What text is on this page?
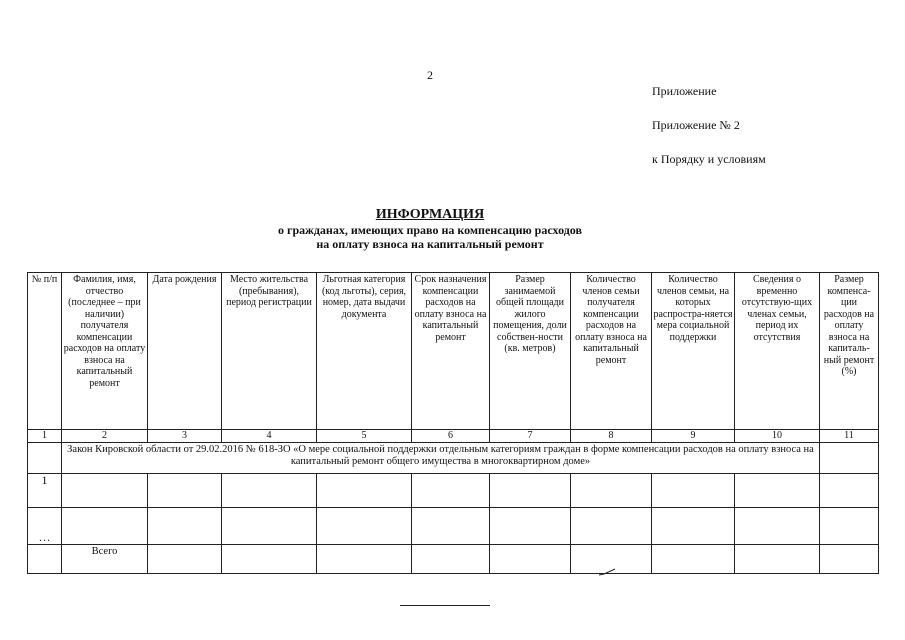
2
Приложение
Приложение № 2
к Порядку и условиям
ИНФОРМАЦИЯ
о гражданах, имеющих право на компенсацию расходов
на оплату взноса на капитальный ремонт
№ п/п	Фамилия, имя, отчество (последнее – при наличии) получателя компенсации расходов на оплату взноса на капитальный ремонт	Дата рождения	Место жительства (пребывания), период регистрации	Льготная категория (код льготы), серия, номер, дата выдачи документа	Срок назначения компенсации расходов на оплату взноса на капитальный ремонт	Размер занимаемой общей площади жилого помещения, доли собствен-ности (кв. метров)	Количество членов семьи получателя компенсации расходов на оплату взноса на капитальный ремонт	Количество членов семьи, на которых распростра-няется мера социальной поддержки	Сведения о временно отсутствую-щих членах семьи, период их отсутствия	Размер компенса-ции расходов на оплату взноса на капиталь-ный ремонт (%)
1	2	3	4	5	6	7	8	9	10	11
	Закон Кировской области от 29.02.2016 № 618-ЗО «О мере социальной поддержки отдельным категориям граждан в форме компенсации расходов на оплату взноса на капитальный ремонт общего имущества в многоквартирном доме»									
1										
…										
	Всего									
